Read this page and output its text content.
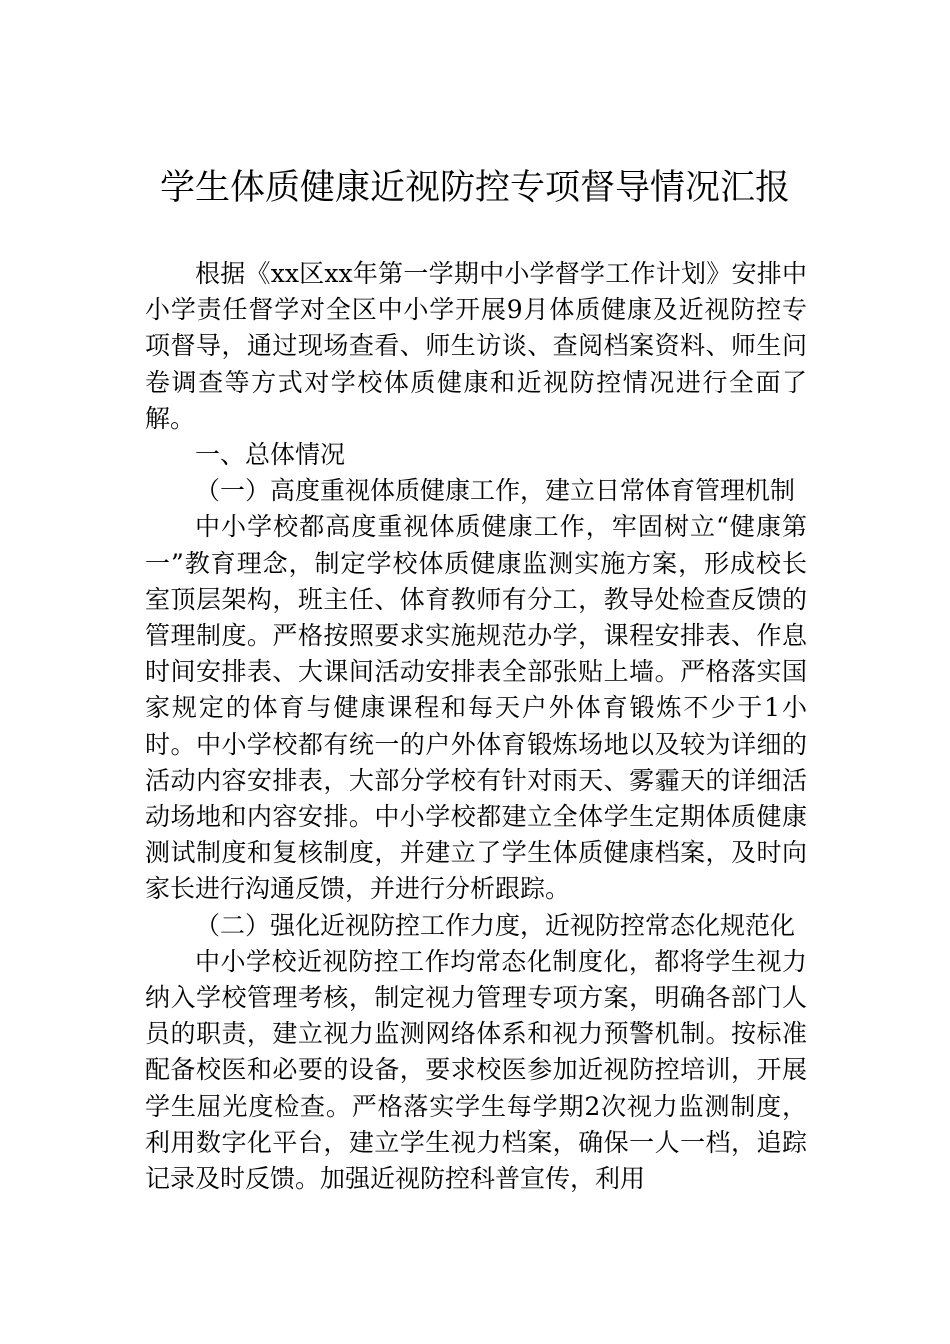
学生体质健康近视防控专项督导情况汇报

根据《xx区xx年第一学期中小学督学工作计划》安排中小学责任督学对全区中小学开展9月体质健康及近视防控专项督导，通过现场查看、师生访谈、查阅档案资料、师生问卷调查等方式对学校体质健康和近视防控情况进行全面了解。

一、总体情况

（一）高度重视体质健康工作，建立日常体育管理机制

中小学校都高度重视体质健康工作，牢固树立“健康第一”教育理念，制定学校体质健康监测实施方案，形成校长室顶层架构，班主任、体育教师有分工，教导处检查反馈的管理制度。严格按照要求实施规范办学，课程安排表、作息时间安排表、大课间活动安排表全部张贴上墙。严格落实国家规定的体育与健康课程和每天户外体育锻炼不少于1小时。中小学校都有统一的户外体育锻炼场地以及较为详细的活动内容安排表，大部分学校有针对雨天、雾霾天的详细活动场地和内容安排。中小学校都建立全体学生定期体质健康测试制度和复核制度，并建立了学生体质健康档案，及时向家长进行沟通反馈，并进行分析跟踪。

（二）强化近视防控工作力度，近视防控常态化规范化

中小学校近视防控工作均常态化制度化，都将学生视力纳入学校管理考核，制定视力管理专项方案，明确各部门人员的职责，建立视力监测网络体系和视力预警机制。按标准配备校医和必要的设备，要求校医参加近视防控培训，开展学生屈光度检查。严格落实学生每学期2次视力监测制度，利用数字化平台，建立学生视力档案，确保一人一档，追踪记录及时反馈。加强近视防控科普宣传，利用
